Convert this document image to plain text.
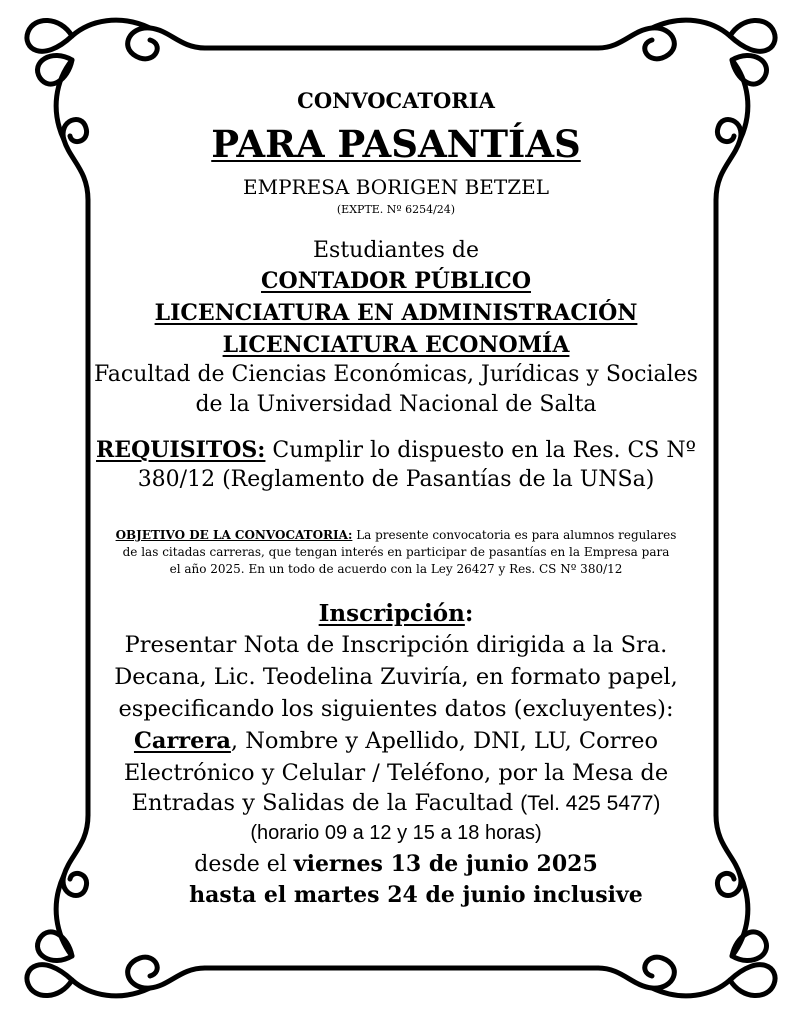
CONVOCATORIA
PARA PASANTÍAS
EMPRESA BORIGEN BETZEL
(EXPTE. Nº 6254/24)
Estudiantes de
CONTADOR PÚBLICO
LICENCIATURA EN ADMINISTRACIÓN
LICENCIATURA ECONOMÍA
Facultad de Ciencias Económicas, Jurídicas y Sociales
de la Universidad Nacional de Salta
REQUISITOS: Cumplir lo dispuesto en la Res. CS Nº
380/12 (Reglamento de Pasantías de la UNSa)
OBJETIVO DE LA CONVOCATORIA: La presente convocatoria es para alumnos regulares
de las citadas carreras, que tengan interés en participar de pasantías en la Empresa para
el año 2025. En un todo de acuerdo con la Ley 26427 y Res. CS Nº 380/12
Inscripción:
Presentar Nota de Inscripción dirigida a la Sra.
Decana, Lic. Teodelina Zuviría, en formato papel,
especificando los siguientes datos (excluyentes):
Carrera, Nombre y Apellido, DNI, LU, Correo
Electrónico y Celular / Teléfono, por la Mesa de
Entradas y Salidas de la Facultad (Tel. 425 5477)
(horario 09 a 12 y 15 a 18 horas)
desde el viernes 13 de junio 2025
hasta el martes 24 de junio inclusive
